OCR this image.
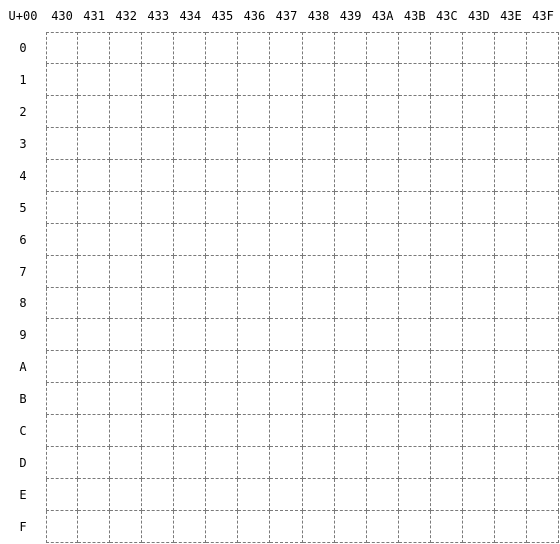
U+00	430 431 432 433 434 435 436 437 438 439 43A 43B 43C 43D 43E 43F
0
1
2
3
4
5
6
7
8
9
A
B
C
D
E
F
